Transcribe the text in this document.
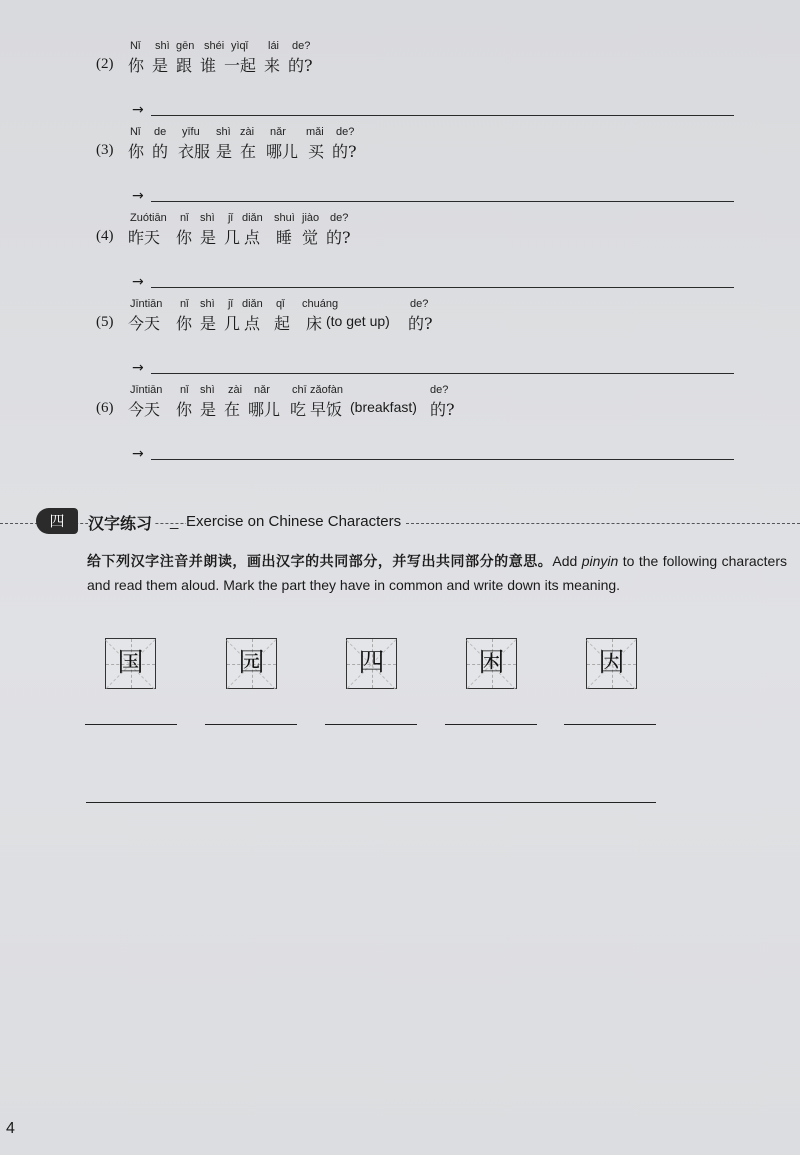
Nǐ shì gēn shéi yìqǐ lái de?
(2) 你 是 跟 谁 一起 来 的?
→
Nǐ de yīfu shì zài nǎr mǎi de?
(3) 你 的 衣服 是 在 哪儿 买 的?
→
Zuótiān nǐ shì jǐ diǎn shuì jiào de?
(4) 昨天 你 是 几 点 睡 觉 的?
→
Jīntiān nǐ shì jǐ diǎn qǐ chuáng	de?
(5) 今天 你 是 几 点 起 床 (to get up) 的?
→
Jīntiān nǐ shì zài nǎr chī zǎofàn	de?
(6) 今天 你 是 在 哪儿 吃 早饭 (breakfast) 的?
→
四	汉字练习 _ Exercise on Chinese Characters
给下列汉字注音并朗读，画出汉字的共同部分，并写出共同部分的意思。Add pinyin to the following characters and read them aloud. Mark the part they have in common and write down its meaning.
国	园	四	困	因
4
